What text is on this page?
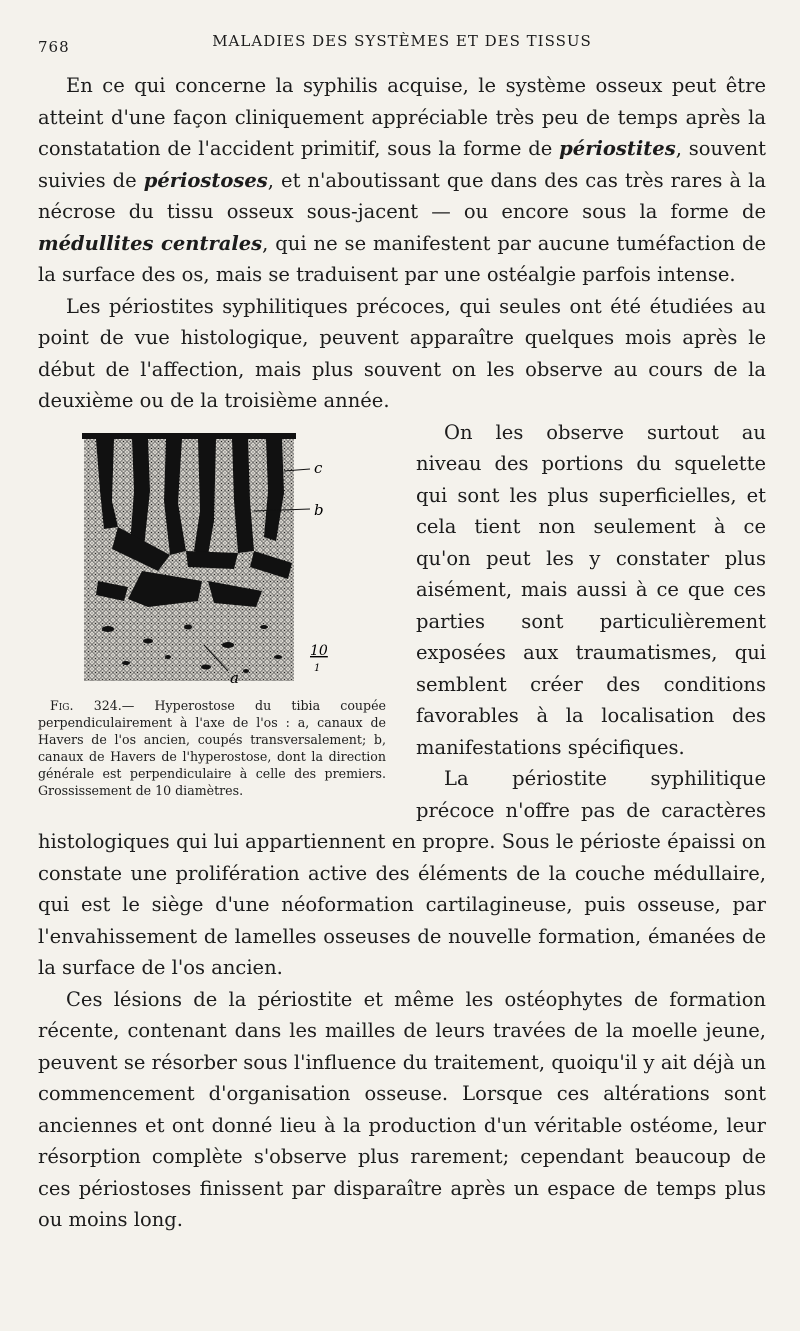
768	MALADIES DES SYSTÈMES ET DES TISSUS

En ce qui concerne la syphilis acquise, le système osseux peut être atteint d'une façon cliniquement appréciable très peu de temps après la constatation de l'accident primitif, sous la forme de périostites, souvent suivies de périostoses, et n'aboutissant que dans des cas très rares à la nécrose du tissu osseux sous-jacent — ou encore sous la forme de médullites centrales, qui ne se manifestent par aucune tuméfaction de la surface des os, mais se traduisent par une ostéalgie parfois intense.

Les périostites syphilitiques précoces, qui seules ont été étudiées au point de vue histologique, peuvent apparaître quelques mois après le début de l'affection, mais plus souvent on les observe au cours de la deuxième ou de la troisième année.

c
b
a
10
1
Fig. 324.— Hyperostose du tibia coupée perpendiculairement à l'axe de l'os : a, canaux de Havers de l'os ancien, coupés transversalement; b, canaux de Havers de l'hyperostose, dont la direction générale est perpendiculaire à celle des premiers. Grossissement de 10 diamètres.

On les observe surtout au niveau des portions du squelette qui sont les plus superficielles, et cela tient non seulement à ce qu'on peut les y constater plus aisément, mais aussi à ce que ces parties sont particulièrement exposées aux traumatismes, qui semblent créer des conditions favorables à la localisation des manifestations spécifiques.

La périostite syphilitique précoce n'offre pas de caractères histologiques qui lui appartiennent en propre. Sous le périoste épaissi on constate une prolifération active des éléments de la couche médullaire, qui est le siège d'une néoformation cartilagineuse, puis osseuse, par l'envahissement de lamelles osseuses de nouvelle formation, émanées de la surface de l'os ancien.

Ces lésions de la périostite et même les ostéophytes de formation récente, contenant dans les mailles de leurs travées de la moelle jeune, peuvent se résorber sous l'influence du traitement, quoiqu'il y ait déjà un commencement d'organisation osseuse. Lorsque ces altérations sont anciennes et ont donné lieu à la production d'un véritable ostéome, leur résorption complète s'observe plus rarement; cependant beaucoup de ces périostoses finissent par disparaître après un espace de temps plus ou moins long.
